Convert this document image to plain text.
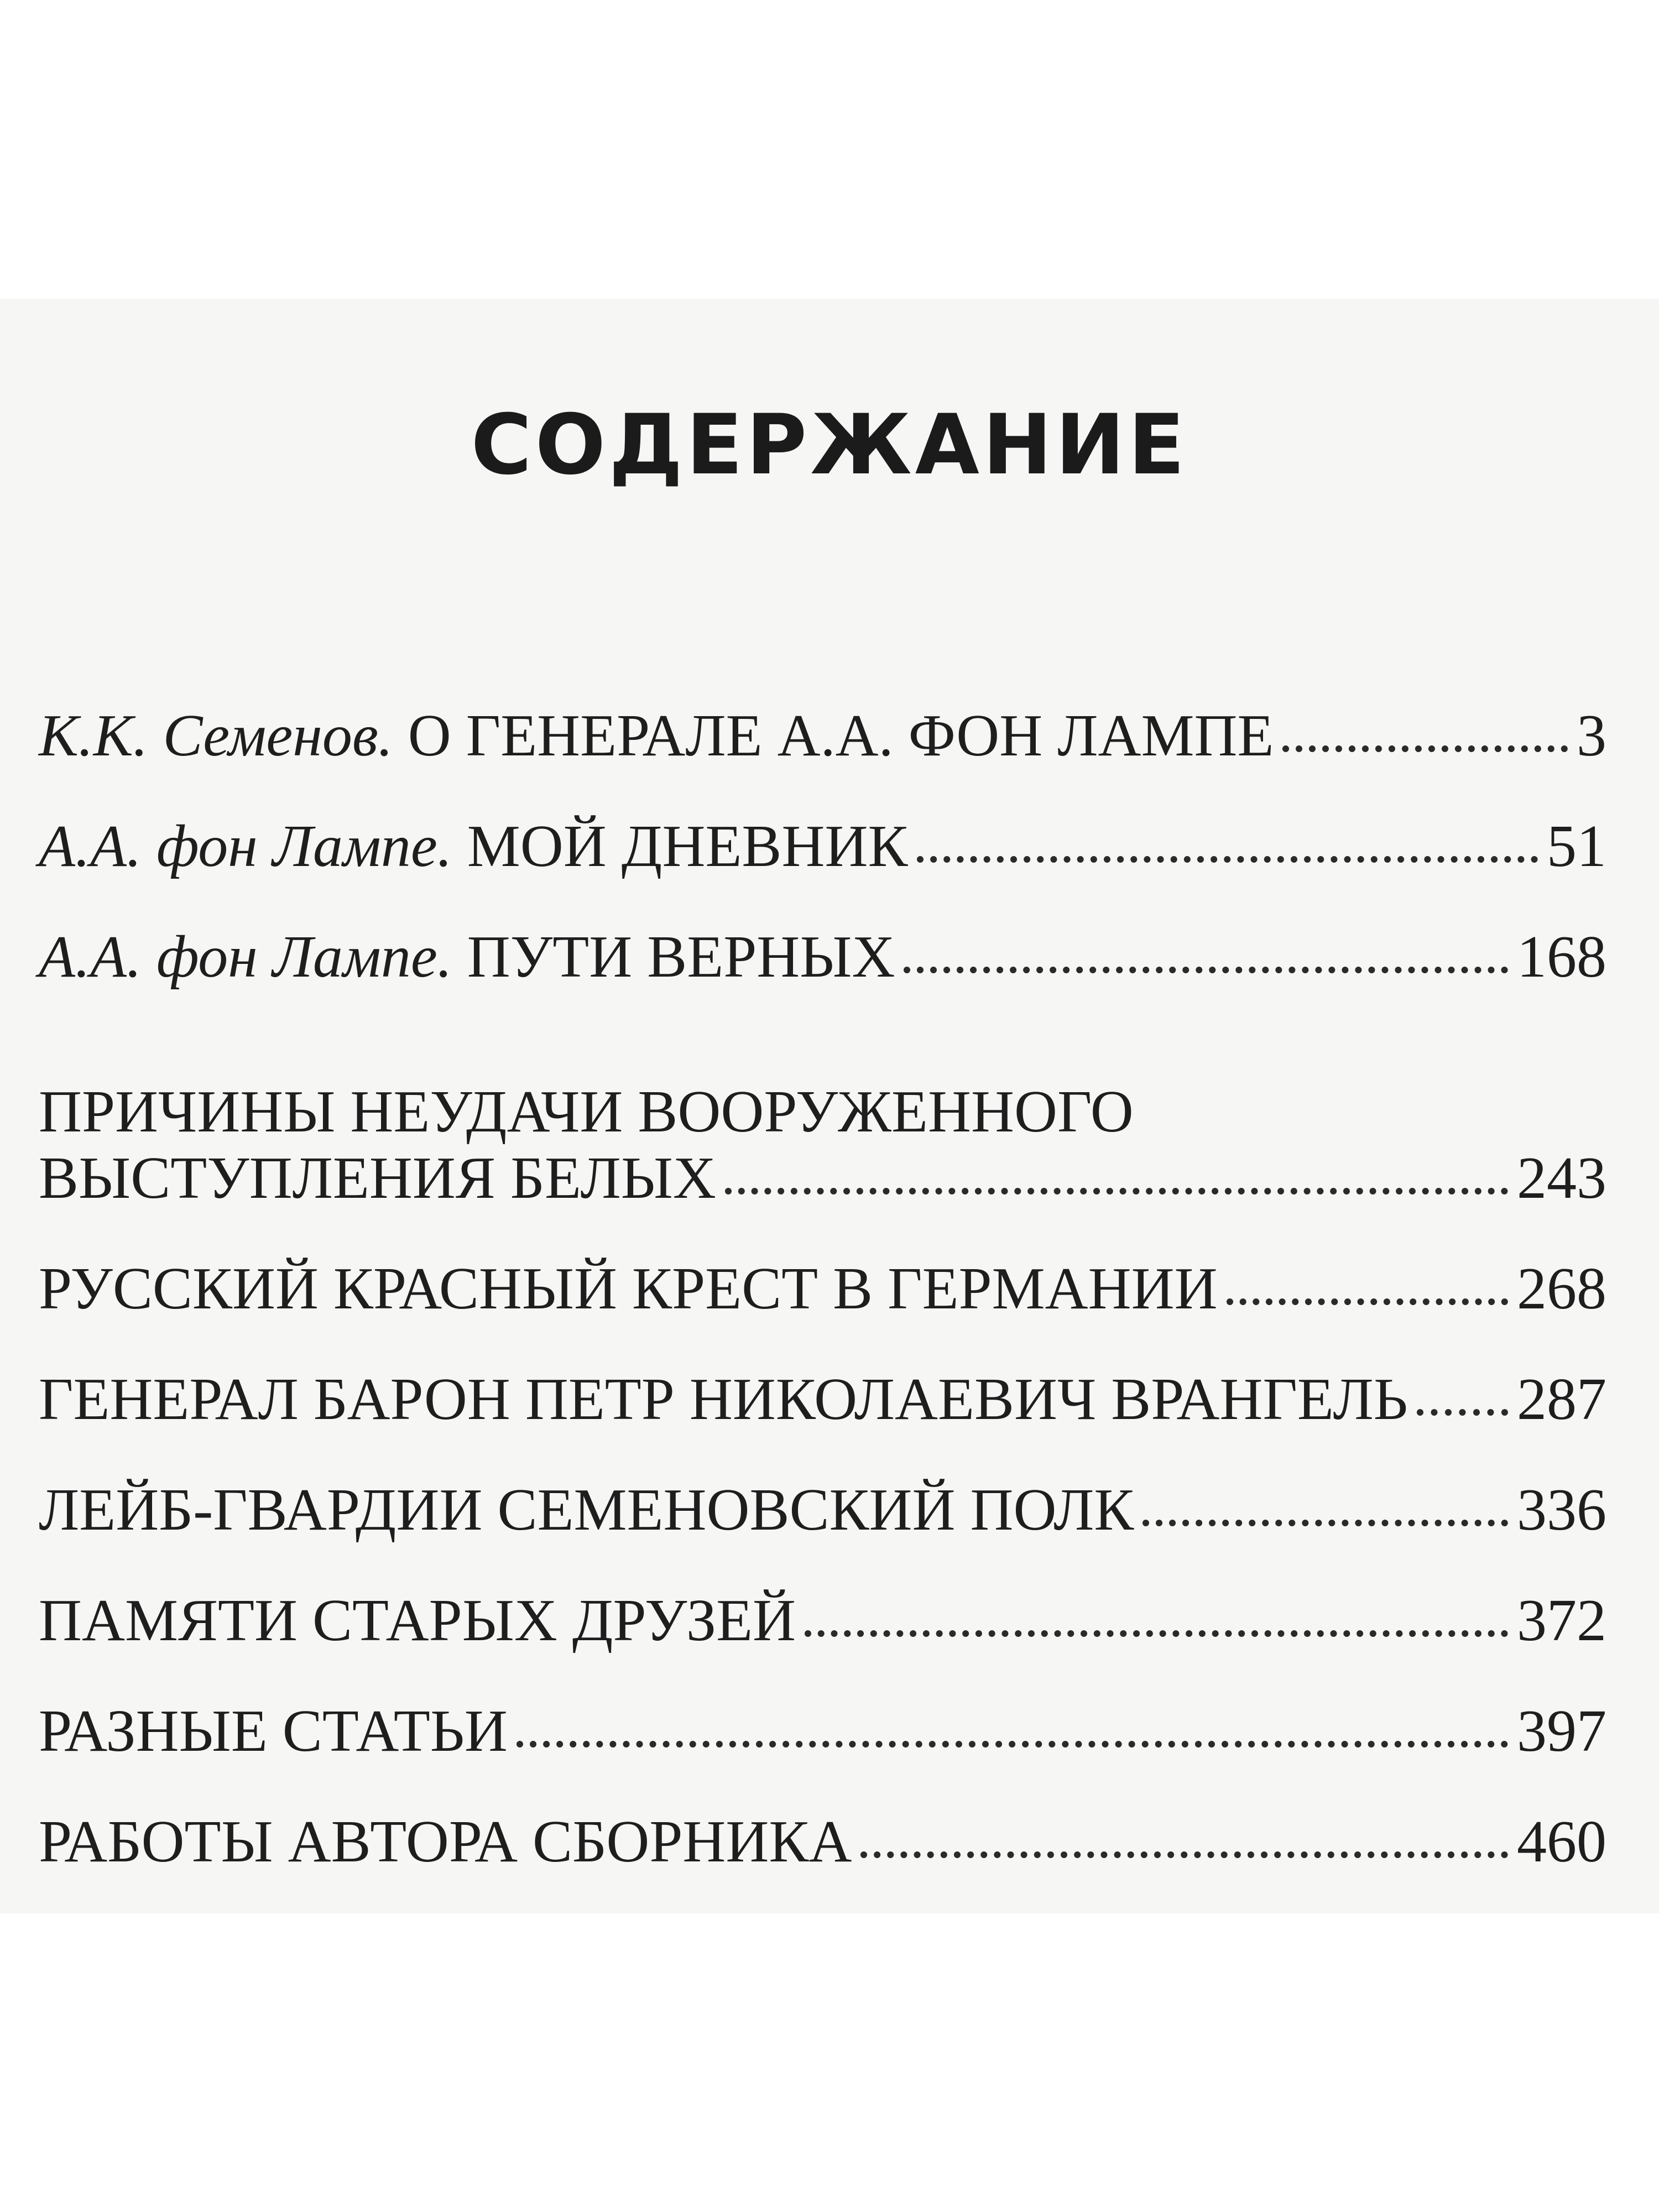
СОДЕРЖАНИЕ
К.К. Семенов.
О ГЕНЕРАЛЕ А.А. ФОН ЛАМПЕ	3
А.А. фон Лампе.
МОЙ ДНЕВНИК	51
А.А. фон Лампе.
ПУТИ ВЕРНЫХ	168
ПРИЧИНЫ НЕУДАЧИ ВООРУЖЕННОГО
ВЫСТУПЛЕНИЯ БЕЛЫХ	243
РУССКИЙ КРАСНЫЙ КРЕСТ В ГЕРМАНИИ	268
ГЕНЕРАЛ БАРОН ПЕТР НИКОЛАЕВИЧ ВРАНГЕЛЬ 287
ЛЕЙБ-ГВАРДИИ СЕМЕНОВСКИЙ ПОЛК	336
ПАМЯТИ СТАРЫХ ДРУЗЕЙ	372
РАЗНЫЕ СТАТЬИ	397
РАБОТЫ АВТОРА СБОРНИКА	460
